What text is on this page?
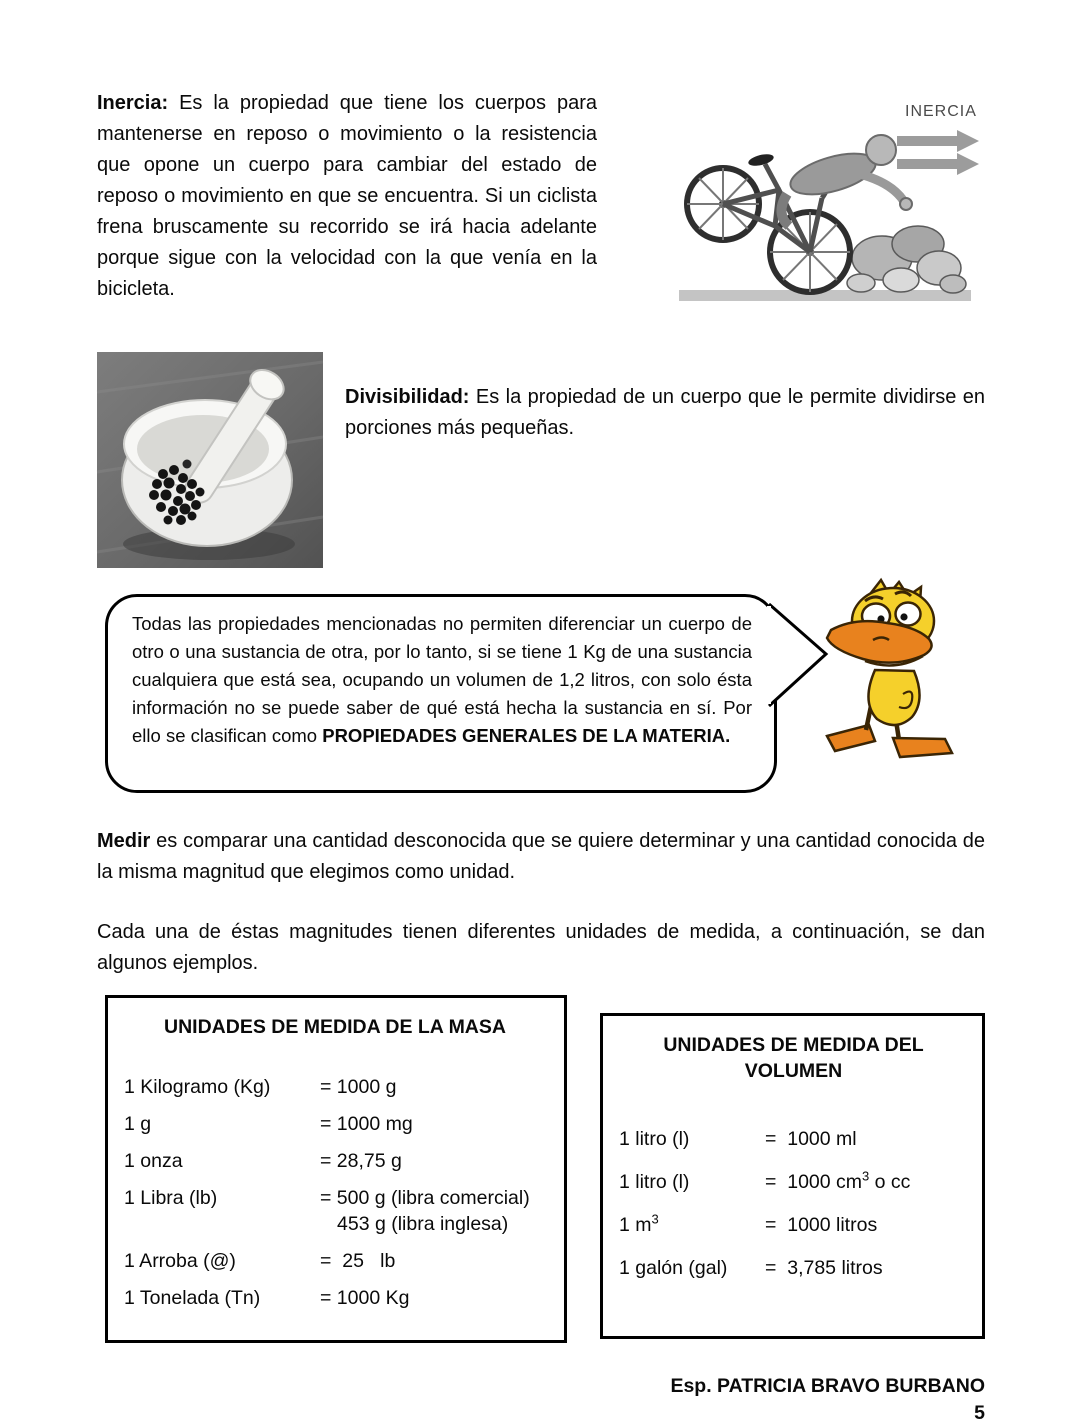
Inercia: Es la propiedad que tiene los cuerpos para mantenerse en reposo o movimiento o la resistencia que opone un cuerpo para cambiar del estado de reposo o movimiento en que se encuentra. Si un ciclista frena bruscamente su recorrido se irá hacia adelante porque sigue con la velocidad con la que venía en la bicicleta.

INERCIA

Divisibilidad: Es la propiedad de un cuerpo que le permite dividirse en porciones más pequeñas.

Todas las propiedades mencionadas no permiten diferenciar un cuerpo de otro o una sustancia de otra, por lo tanto, si se tiene 1 Kg de una sustancia cualquiera que está sea, ocupando un volumen de 1,2 litros, con solo ésta información no se puede saber de qué está hecha la sustancia en sí. Por ello se clasifican como PROPIEDADES GENERALES DE LA MATERIA.

Medir es comparar una cantidad desconocida que se quiere determinar y una cantidad conocida de la misma magnitud que elegimos como unidad.

Cada una de éstas magnitudes tienen diferentes unidades de medida, a continuación, se dan algunos ejemplos.

UNIDADES DE MEDIDA DE LA MASA
1 Kilogramo (Kg)	= 1000 g
1 g	= 1000 mg
1 onza	= 28,75 g
1 Libra (lb)	= 500 g (libra comercial)
453 g (libra inglesa)
1 Arroba (@)	=  25   lb
1 Tonelada (Tn)	= 1000 Kg
UNIDADES DE MEDIDA DEL VOLUMEN
1 litro (l)	=  1000 ml
1 litro (l)	=  1000 $cm^3$ o cc
1 $m^3$	=  1000 litros
1 galón (gal)	=  3,785 litros
Esp. PATRICIA BRAVO BURBANO
5
